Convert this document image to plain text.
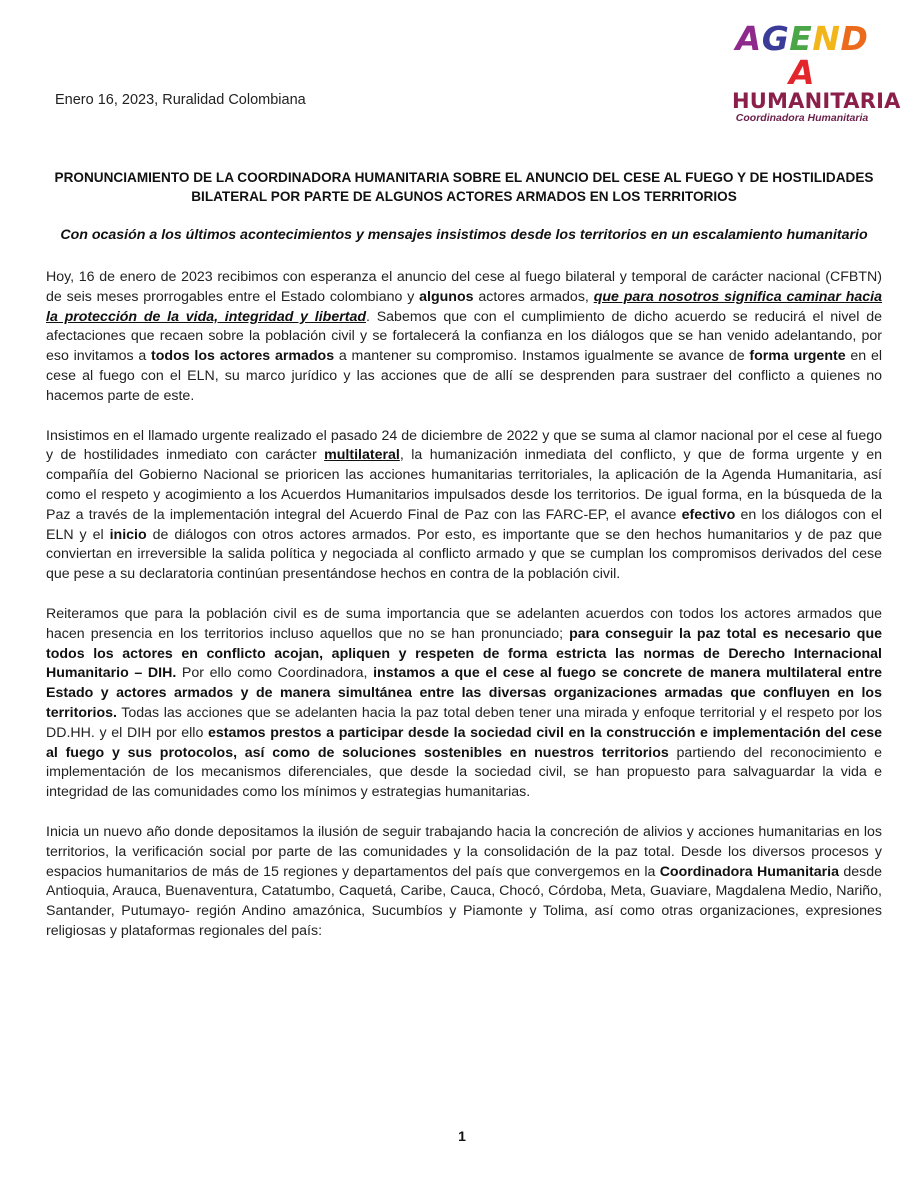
AGENDA
HUMANITARIA
Coordinadora Humanitaria
Enero 16, 2023, Ruralidad Colombiana
PRONUNCIAMIENTO DE LA COORDINADORA HUMANITARIA SOBRE EL ANUNCIO DEL CESE AL FUEGO Y DE HOSTILIDADES BILATERAL POR PARTE DE ALGUNOS ACTORES ARMADOS EN LOS TERRITORIOS
Con ocasión a los últimos acontecimientos y mensajes insistimos desde los territorios en un escalamiento humanitario
Hoy, 16 de enero de 2023 recibimos con esperanza el anuncio del cese al fuego bilateral y temporal de carácter nacional (CFBTN) de seis meses prorrogables entre el Estado colombiano y algunos actores armados, que para nosotros significa caminar hacia la protección de la vida, integridad y libertad. Sabemos que con el cumplimiento de dicho acuerdo se reducirá el nivel de afectaciones que recaen sobre la población civil y se fortalecerá la confianza en los diálogos que se han venido adelantando, por eso invitamos a todos los actores armados a mantener su compromiso. Instamos igualmente se avance de forma urgente en el cese al fuego con el ELN, su marco jurídico y las acciones que de allí se desprenden para sustraer del conflicto a quienes no hacemos parte de este.
Insistimos en el llamado urgente realizado el pasado 24 de diciembre de 2022 y que se suma al clamor nacional por el cese al fuego y de hostilidades inmediato con carácter multilateral, la humanización inmediata del conflicto, y que de forma urgente y en compañía del Gobierno Nacional se prioricen las acciones humanitarias territoriales, la aplicación de la Agenda Humanitaria, así como el respeto y acogimiento a los Acuerdos Humanitarios impulsados desde los territorios. De igual forma, en la búsqueda de la Paz a través de la implementación integral del Acuerdo Final de Paz con las FARC-EP, el avance efectivo en los diálogos con el ELN y el inicio de diálogos con otros actores armados. Por esto, es importante que se den hechos humanitarios y de paz que conviertan en irreversible la salida política y negociada al conflicto armado y que se cumplan los compromisos derivados del cese que pese a su declaratoria continúan presentándose hechos en contra de la población civil.
Reiteramos que para la población civil es de suma importancia que se adelanten acuerdos con todos los actores armados que hacen presencia en los territorios incluso aquellos que no se han pronunciado; para conseguir la paz total es necesario que todos los actores en conflicto acojan, apliquen y respeten de forma estricta las normas de Derecho Internacional Humanitario – DIH. Por ello como Coordinadora, instamos a que el cese al fuego se concrete de manera multilateral entre Estado y actores armados y de manera simultánea entre las diversas organizaciones armadas que confluyen en los territorios. Todas las acciones que se adelanten hacia la paz total deben tener una mirada y enfoque territorial y el respeto por los DD.HH. y el DIH por ello estamos prestos a participar desde la sociedad civil en la construcción e implementación del cese al fuego y sus protocolos, así como de soluciones sostenibles en nuestros territorios partiendo del reconocimiento e implementación de los mecanismos diferenciales, que desde la sociedad civil, se han propuesto para salvaguardar la vida e integridad de las comunidades como los mínimos y estrategias humanitarias.
Inicia un nuevo año donde depositamos la ilusión de seguir trabajando hacia la concreción de alivios y acciones humanitarias en los territorios, la verificación social por parte de las comunidades y la consolidación de la paz total. Desde los diversos procesos y espacios humanitarios de más de 15 regiones y departamentos del país que convergemos en la Coordinadora Humanitaria desde Antioquia, Arauca, Buenaventura, Catatumbo, Caquetá, Caribe, Cauca, Chocó, Córdoba, Meta, Guaviare, Magdalena Medio, Nariño, Santander, Putumayo- región Andino amazónica, Sucumbíos y Piamonte y Tolima, así como otras organizaciones, expresiones religiosas y plataformas regionales del país:
1
